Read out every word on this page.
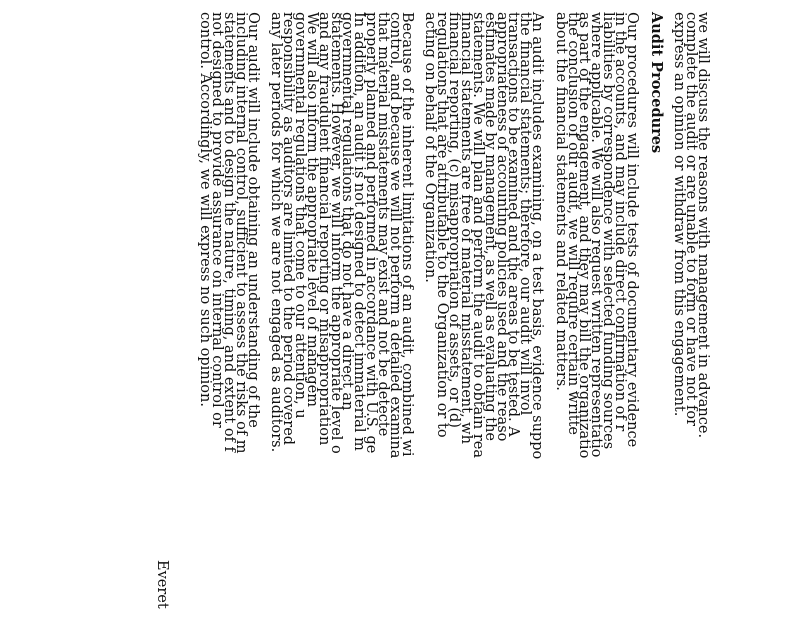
we will discuss the reasons with management in advance.
complete the audit or are unable to form or have not for
express an opinion or withdraw from this engagement.
Audit Procedures
Our procedures will include tests of documentary evidence
in the accounts, and may include direct confirmation of r
liabilities by correspondence with selected funding sources
where applicable. We will also request written representatio
as part of the engagement, and they may bill the organizatio
the conclusion of our audit, we will require certain writte
about the financial statements and related matters.
An audit includes examining, on a test basis, evidence suppo
the financial statements; therefore, our audit will invol
transactions to be examined and the areas to be tested. A
appropriateness of accounting policies used and the reaso
estimates made by management, as well as evaluating the
statements. We will plan and perform the audit to obtain rea
financial statements are free of material misstatement, wh
financial reporting, (c) misappropriation of assets, or (d)
regulations that are attributable to the Organization or to
acting on behalf of the Organization.
Because of the inherent limitations of an audit, combined wi
control, and because we will not perform a detailed examina
that material misstatements may exist and not be detecte
properly planned and performed in accordance with U.S. ge
In addition, an audit is not designed to detect immaterial m
governmental regulations that do not have a direct an
statements. However, we will inform the appropriate level o
and any fraudulent financial reporting or misappropriation
We will also inform the appropriate level of managem
governmental regulations that come to our attention, u
responsibility as auditors are limited to the period covered
any later periods for which we are not engaged as auditors.
Our audit will include obtaining an understanding of the
including internal control, sufficient to assess the risks of m
statements and to design the nature, timing, and extent of f
not designed to provide assurance on internal control or
control. Accordingly, we will express no such opinion.
Everet
